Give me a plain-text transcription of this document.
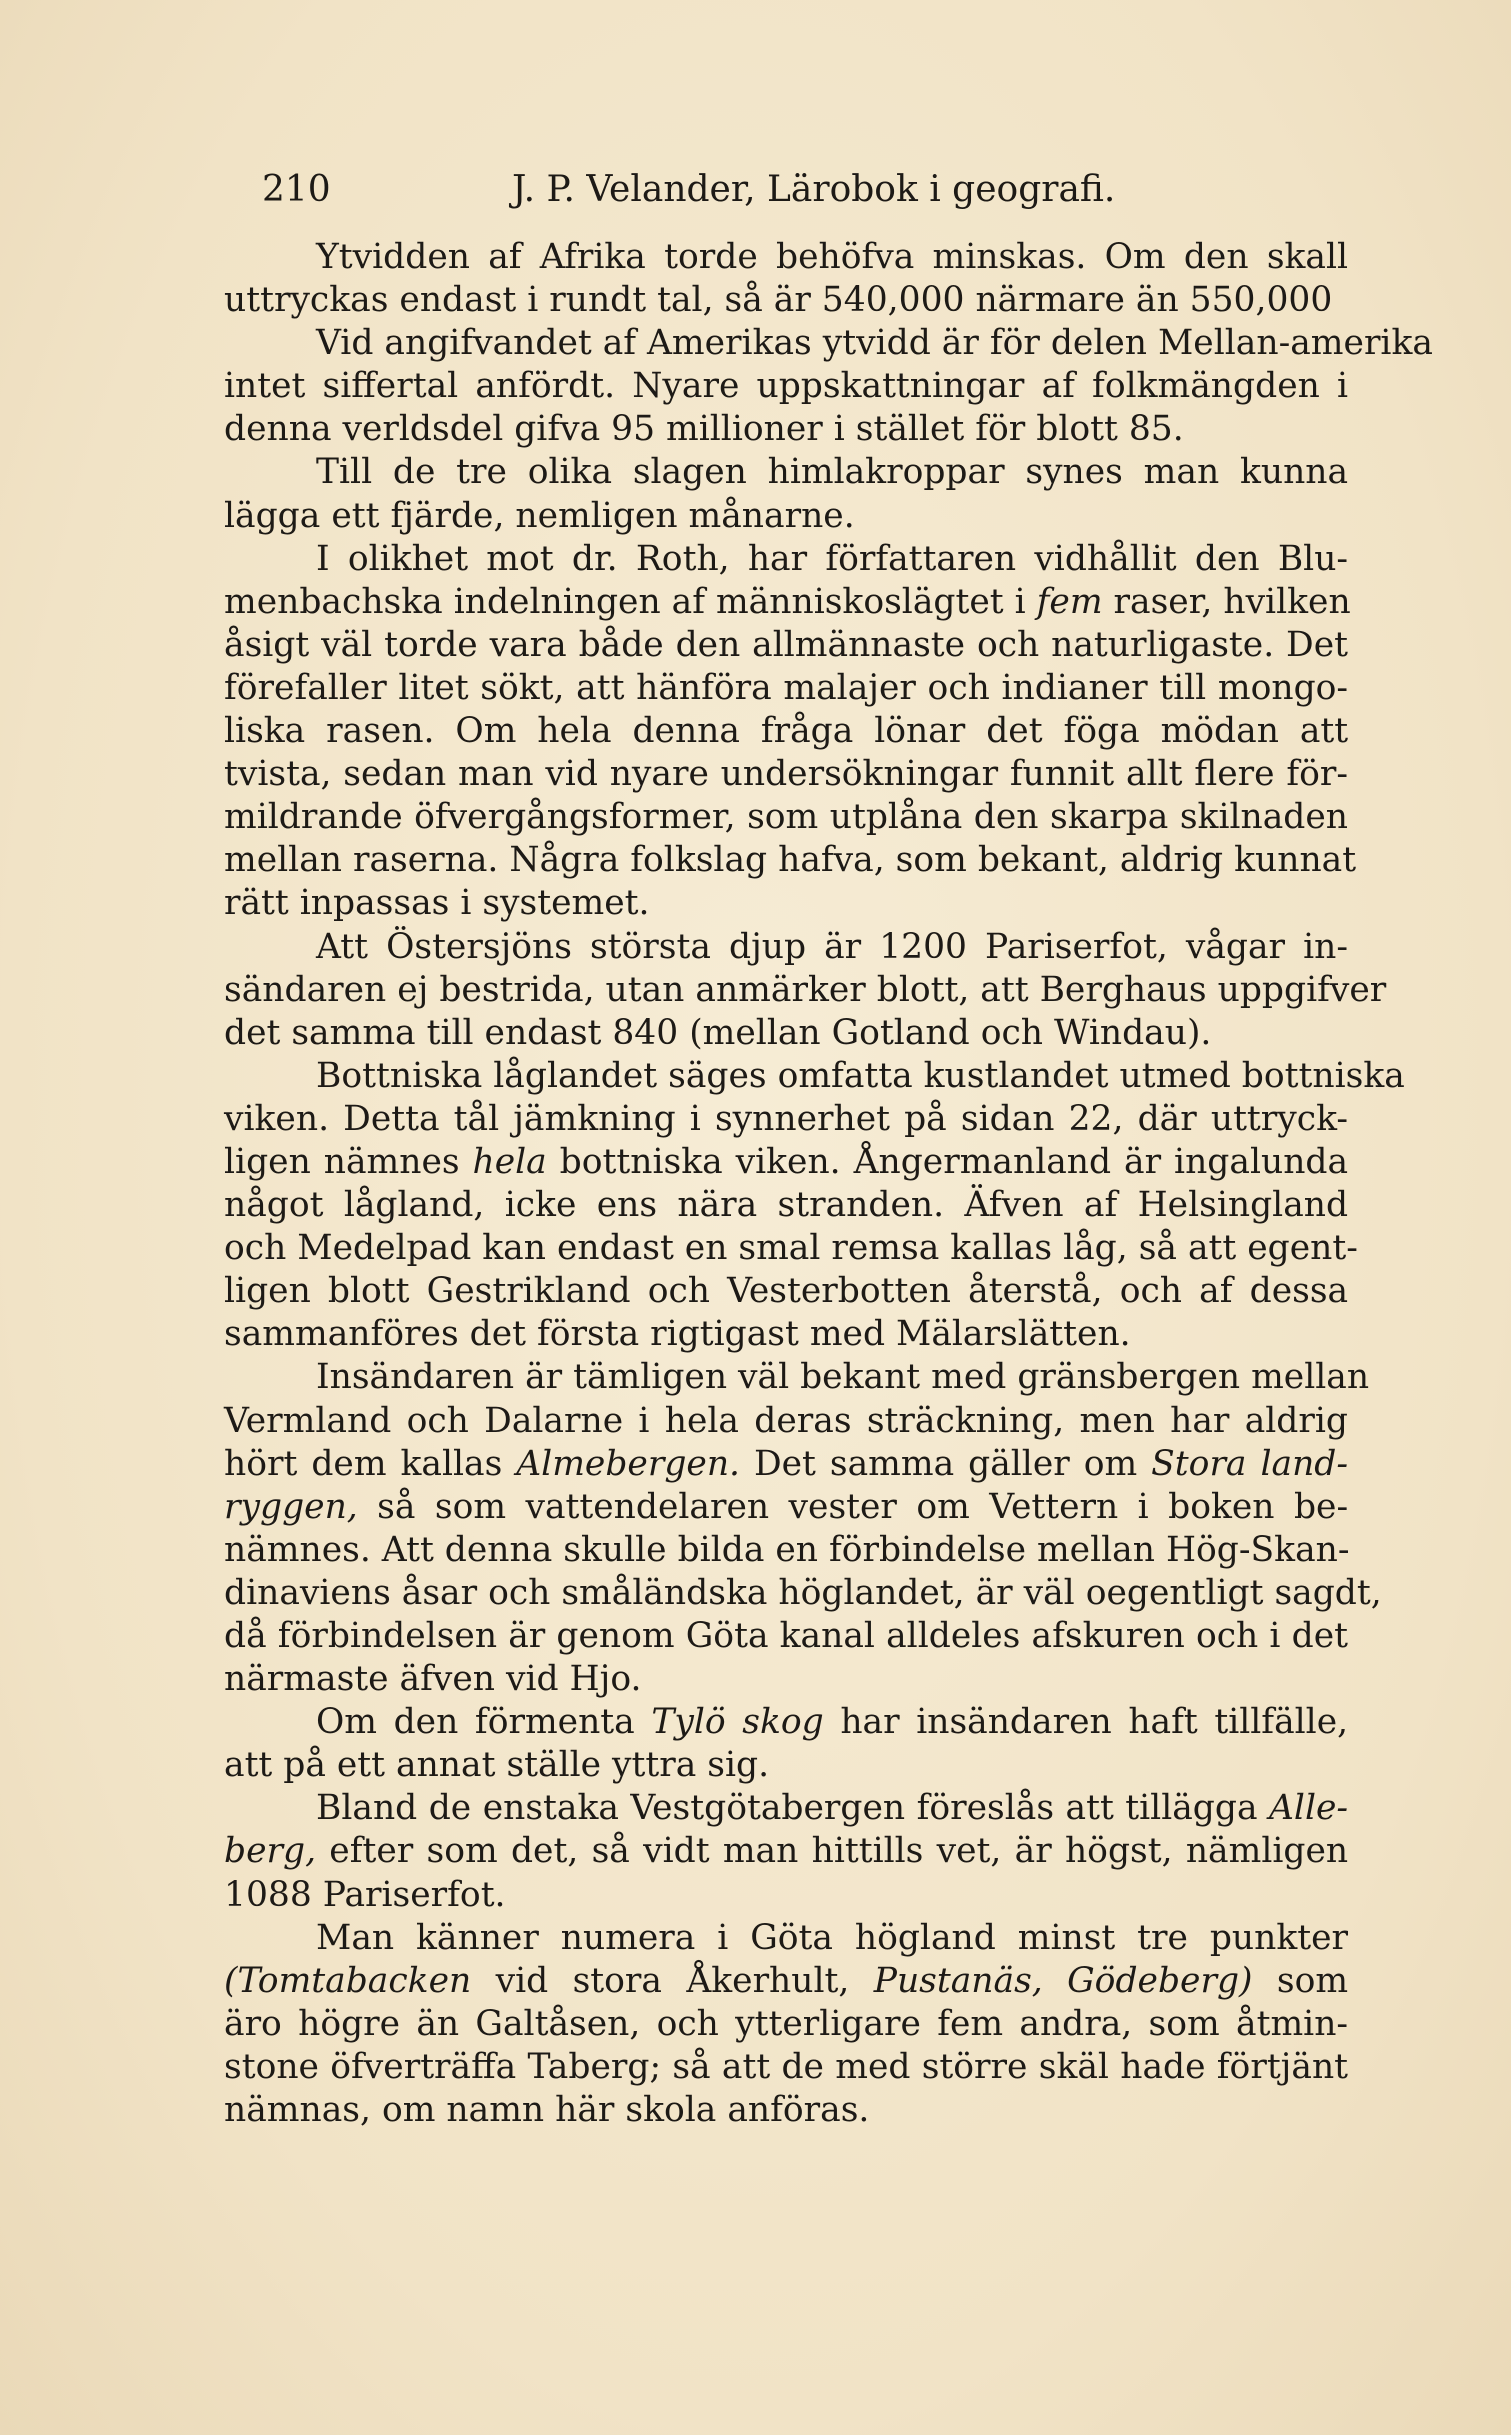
210	J. P. Velander, Lärobok i geografi.
Ytvidden af Afrika torde behöfva minskas. Om den skall
uttryckas endast i rundt tal, så är 540,000 närmare än 550,000
Vid angifvandet af Amerikas ytvidd är för delen Mellan-amerika
intet siffertal anfördt. Nyare uppskattningar af folkmängden i
denna verldsdel gifva 95 millioner i stället för blott 85.
Till de tre olika slagen himlakroppar synes man kunna
lägga ett fjärde, nemligen månarne.
I olikhet mot dr. Roth, har författaren vidhållit den Blu-
menbachska indelningen af människoslägtet i fem raser, hvilken
åsigt väl torde vara både den allmännaste och naturligaste. Det
förefaller litet sökt, att hänföra malajer och indianer till mongo-
liska rasen. Om hela denna fråga lönar det föga mödan att
tvista, sedan man vid nyare undersökningar funnit allt flere för-
mildrande öfvergångsformer, som utplåna den skarpa skilnaden
mellan raserna. Några folkslag hafva, som bekant, aldrig kunnat
rätt inpassas i systemet.
Att Östersjöns största djup är 1200 Pariserfot, vågar in-
sändaren ej bestrida, utan anmärker blott, att Berghaus uppgifver
det samma till endast 840 (mellan Gotland och Windau).
Bottniska låglandet säges omfatta kustlandet utmed bottniska
viken. Detta tål jämkning i synnerhet på sidan 22, där uttryck-
ligen nämnes hela bottniska viken. Ångermanland är ingalunda
något lågland, icke ens nära stranden. Äfven af Helsingland
och Medelpad kan endast en smal remsa kallas låg, så att egent-
ligen blott Gestrikland och Vesterbotten återstå, och af dessa
sammanföres det första rigtigast med Mälarslätten.
Insändaren är tämligen väl bekant med gränsbergen mellan
Vermland och Dalarne i hela deras sträckning, men har aldrig
hört dem kallas Almebergen. Det samma gäller om Stora land-
ryggen, så som vattendelaren vester om Vettern i boken be-
nämnes. Att denna skulle bilda en förbindelse mellan Hög-Skan-
dinaviens åsar och småländska höglandet, är väl oegentligt sagdt,
då förbindelsen är genom Göta kanal alldeles afskuren och i det
närmaste äfven vid Hjo.
Om den förmenta Tylö skog har insändaren haft tillfälle,
att på ett annat ställe yttra sig.
Bland de enstaka Vestgötabergen föreslås att tillägga Alle-
berg, efter som det, så vidt man hittills vet, är högst, nämligen
1088 Pariserfot.
Man känner numera i Göta högland minst tre punkter
(Tomtabacken vid stora Åkerhult, Pustanäs, Gödeberg) som
äro högre än Galtåsen, och ytterligare fem andra, som åtmin-
stone öfverträffa Taberg; så att de med större skäl hade förtjänt
nämnas, om namn här skola anföras.
